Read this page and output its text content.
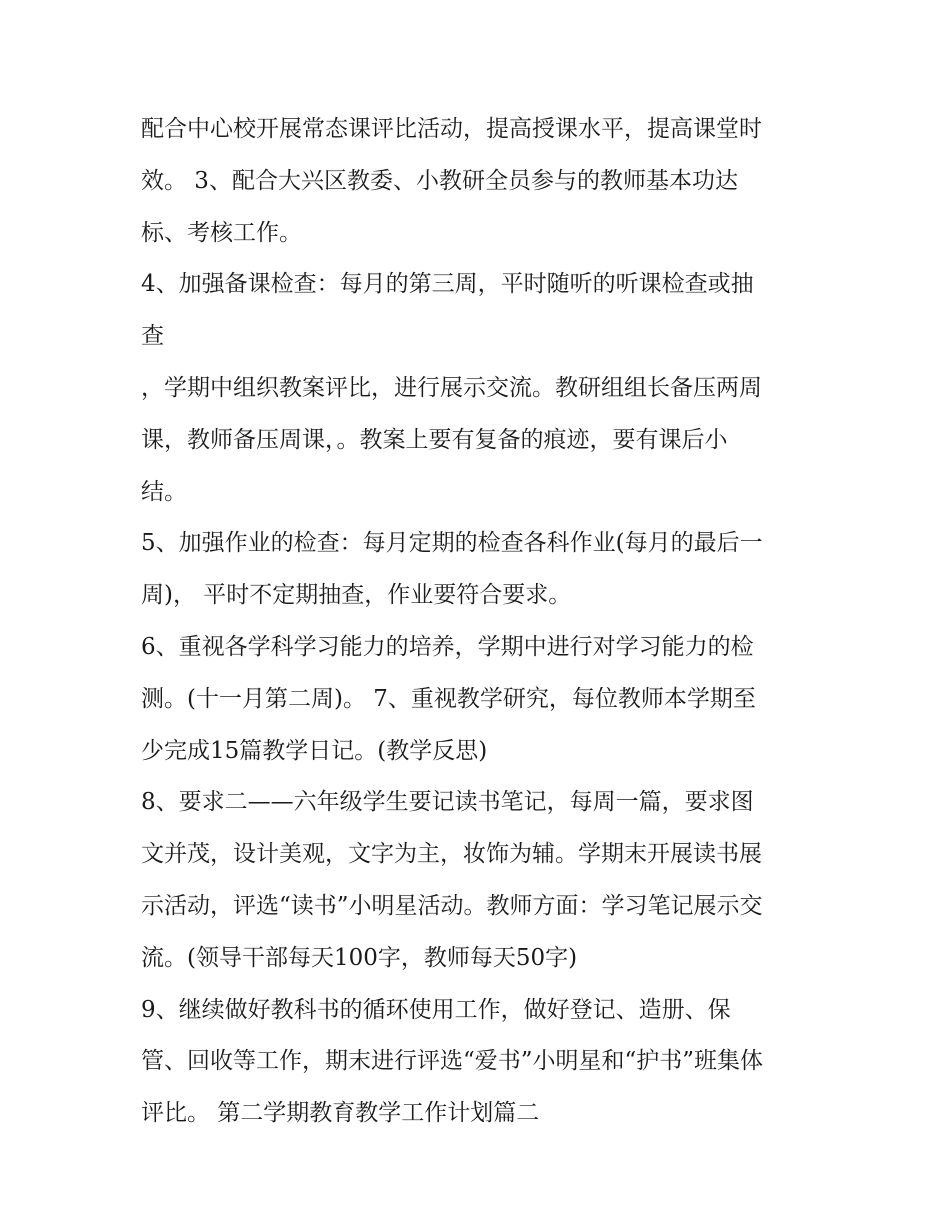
配合中心校开展常态课评比活动，提高授课水平，提高课堂时
效。 3、配合大兴区教委、小教研全员参与的教师基本功达
标、考核工作。
4、加强备课检查：每月的第三周，平时随听的听课检查或抽
查
，学期中组织教案评比，进行展示交流。教研组组长备压两周
课，教师备压周课，。教案上要有复备的痕迹，要有课后小
结。
5、加强作业的检查：每月定期的检查各科作业(每月的最后一
周)， 平时不定期抽查，作业要符合要求。
6、重视各学科学习能力的培养，学期中进行对学习能力的检
测。(十一月第二周)。 7、重视教学研究，每位教师本学期至
少完成15篇教学日记。(教学反思)
8、要求二——六年级学生要记读书笔记，每周一篇，要求图
文并茂，设计美观，文字为主，妆饰为辅。学期末开展读书展
示活动，评选“读书”小明星活动。教师方面：学习笔记展示交
流。(领导干部每天100字，教师每天50字)
9、继续做好教科书的循环使用工作，做好登记、造册、保
管、回收等工作，期末进行评选“爱书”小明星和“护书”班集体
评比。 第二学期教育教学工作计划篇二
